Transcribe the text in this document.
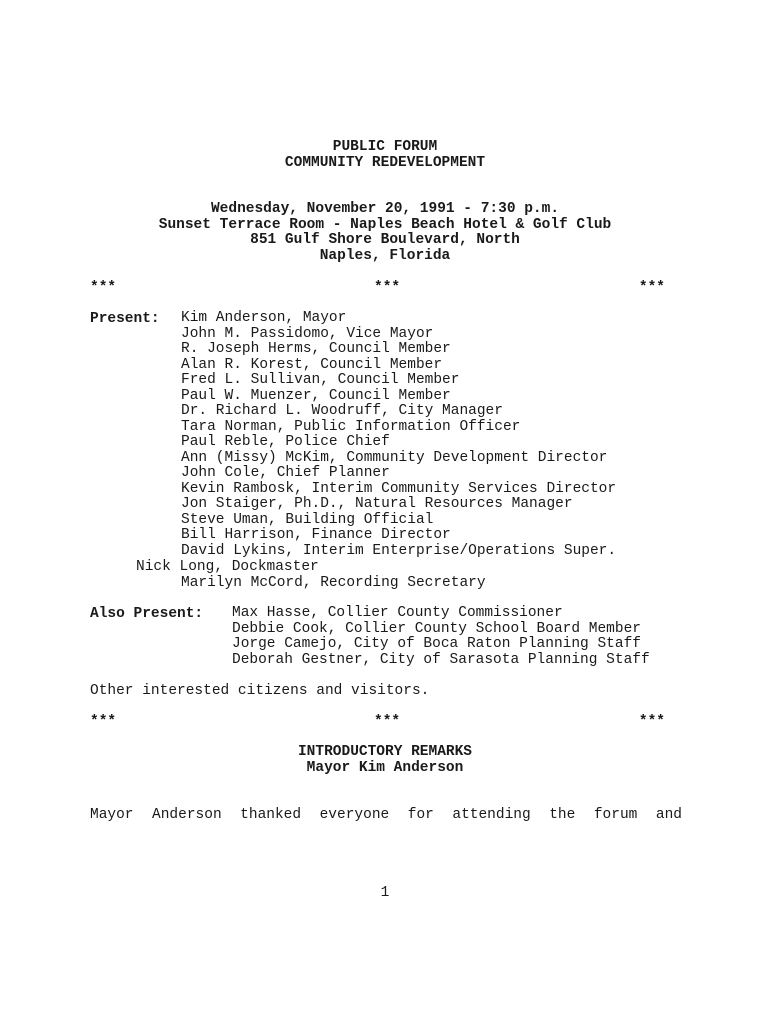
PUBLIC FORUM
COMMUNITY REDEVELOPMENT
Wednesday, November 20, 1991 - 7:30 p.m.
Sunset Terrace Room - Naples Beach Hotel & Golf Club
851 Gulf Shore Boulevard, North
Naples, Florida
***	***	***
Present: Kim Anderson, Mayor
John M. Passidomo, Vice Mayor
R. Joseph Herms, Council Member
Alan R. Korest, Council Member
Fred L. Sullivan, Council Member
Paul W. Muenzer, Council Member
Dr. Richard L. Woodruff, City Manager
Tara Norman, Public Information Officer
Paul Reble, Police Chief
Ann (Missy) McKim, Community Development Director
John Cole, Chief Planner
Kevin Rambosk, Interim Community Services Director
Jon Staiger, Ph.D., Natural Resources Manager
Steve Uman, Building Official
Bill Harrison, Finance Director
David Lykins, Interim Enterprise/Operations Super.
Nick Long, Dockmaster
Marilyn McCord, Recording Secretary
Also Present: Max Hasse, Collier County Commissioner
Debbie Cook, Collier County School Board Member
Jorge Camejo, City of Boca Raton Planning Staff
Deborah Gestner, City of Sarasota Planning Staff
Other interested citizens and visitors.
***	***	***
INTRODUCTORY REMARKS
Mayor Kim Anderson
Mayor Anderson thanked everyone for attending the forum and
1
